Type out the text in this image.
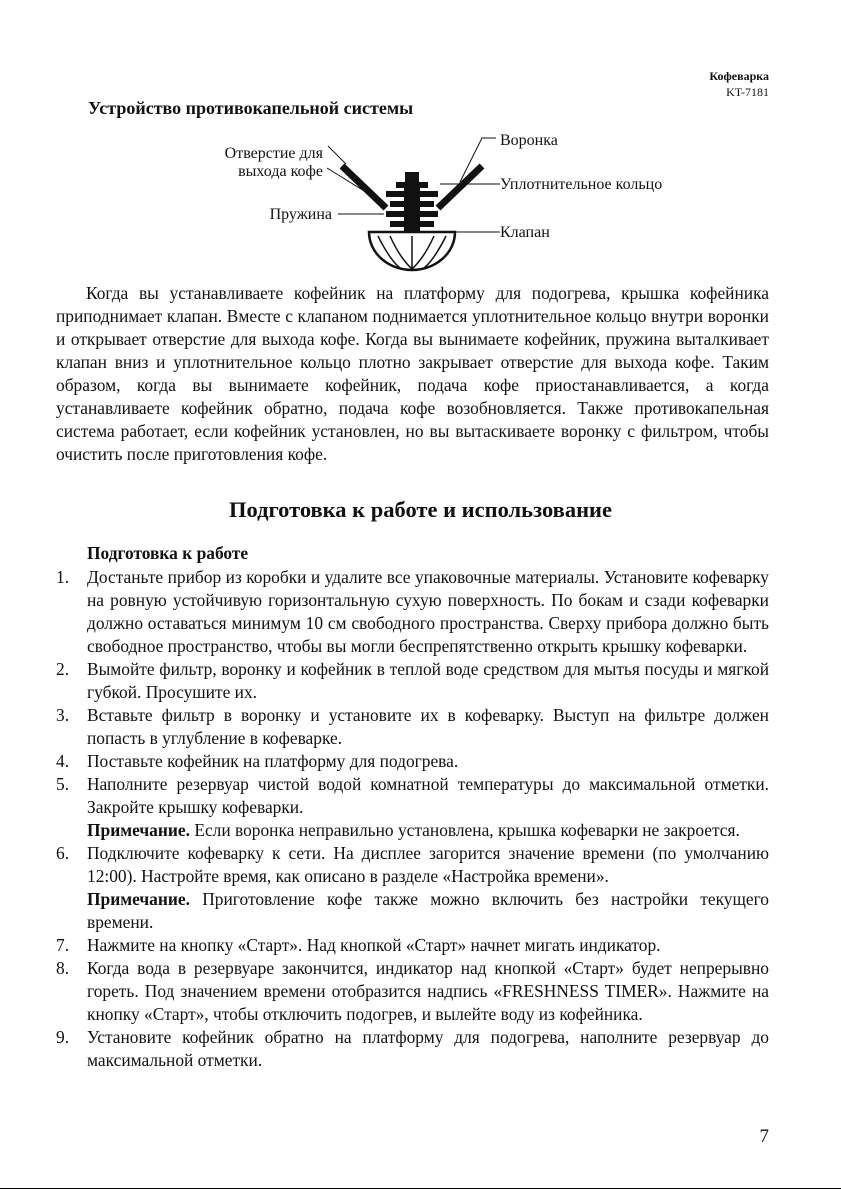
Кофеварка
KT-7181
Устройство противокапельной системы
Отверстие для
выхода кофе
Пружина
Воронка
Уплотнительное кольцо
Клапан

Когда вы устанавливаете кофейник на платформу для подогрева, крышка кофейника приподнимает клапан. Вместе с клапаном поднимается уплотнительное кольцо внутри воронки и открывает отверстие для выхода кофе. Когда вы вынимаете кофейник, пружина выталкивает клапан вниз и уплотнительное кольцо плотно закрывает отверстие для выхода кофе. Таким образом, когда вы вынимаете кофейник, подача кофе приостанавливается, а когда устанавливаете кофейник обратно, подача кофе возобновляется. Также противокапельная система работает, если кофейник установлен, но вы вытаскиваете воронку с фильтром, чтобы очистить после приготовления кофе.

Подготовка к работе и использование
Подготовка к работе
1. Достаньте прибор из коробки и удалите все упаковочные материалы. Установите кофеварку на ровную устойчивую горизонтальную сухую поверхность. По бокам и сзади кофеварки должно оставаться минимум 10 см свободного пространства. Сверху прибора должно быть свободное пространство, чтобы вы могли беспрепятственно открыть крышку кофеварки.
2. Вымойте фильтр, воронку и кофейник в теплой воде средством для мытья посуды и мягкой губкой. Просушите их.
3. Вставьте фильтр в воронку и установите их в кофеварку. Выступ на фильтре должен попасть в углубление в кофеварке.
4. Поставьте кофейник на платформу для подогрева.
5. Наполните резервуар чистой водой комнатной температуры до максимальной отметки. Закройте крышку кофеварки.
Примечание. Если воронка неправильно установлена, крышка кофеварки не закроется.
6. Подключите кофеварку к сети. На дисплее загорится значение времени (по умолчанию 12:00). Настройте время, как описано в разделе «Настройка времени».
Примечание. Приготовление кофе также можно включить без настройки текущего времени.
7. Нажмите на кнопку «Старт». Над кнопкой «Старт» начнет мигать индикатор.
8. Когда вода в резервуаре закончится, индикатор над кнопкой «Старт» будет непрерывно гореть. Под значением времени отобразится надпись «FRESHNESS TIMER». Нажмите на кнопку «Старт», чтобы отключить подогрев, и вылейте воду из кофейника.
9. Установите кофейник обратно на платформу для подогрева, наполните резервуар до максимальной отметки.
7
